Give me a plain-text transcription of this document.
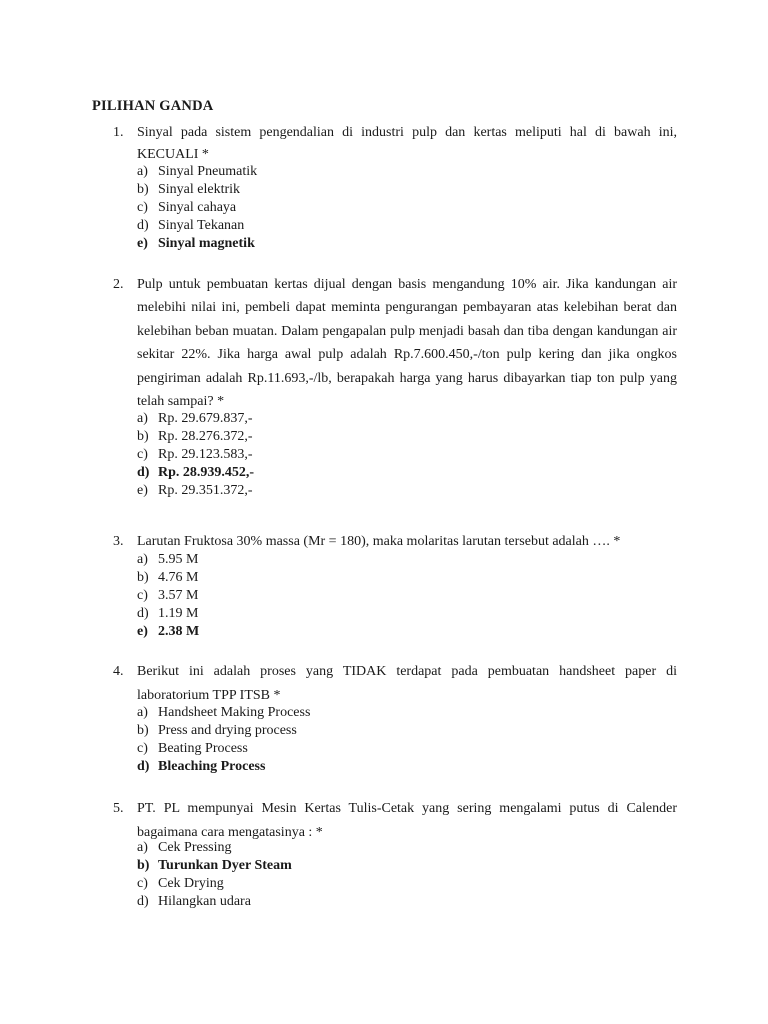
PILIHAN GANDA
1. Sinyal pada sistem pengendalian di industri pulp dan kertas meliputi hal di bawah ini, KECUALI *
a) Sinyal Pneumatik
b) Sinyal elektrik
c) Sinyal cahaya
d) Sinyal Tekanan
e) Sinyal magnetik
2. Pulp untuk pembuatan kertas dijual dengan basis mengandung 10% air. Jika kandungan air melebihi nilai ini, pembeli dapat meminta pengurangan pembayaran atas kelebihan berat dan kelebihan beban muatan. Dalam pengapalan pulp menjadi basah dan tiba dengan kandungan air sekitar 22%. Jika harga awal pulp adalah Rp.7.600.450,-/ton pulp kering dan jika ongkos pengiriman adalah Rp.11.693,-/lb, berapakah harga yang harus dibayarkan tiap ton pulp yang telah sampai? *
a) Rp. 29.679.837,-
b) Rp. 28.276.372,-
c) Rp. 29.123.583,-
d) Rp. 28.939.452,-
e) Rp. 29.351.372,-
3. Larutan Fruktosa 30% massa (Mr = 180), maka molaritas larutan tersebut adalah …. *
a) 5.95 M
b) 4.76 M
c) 3.57 M
d) 1.19 M
e) 2.38 M
4. Berikut ini adalah proses yang TIDAK terdapat pada pembuatan handsheet paper di laboratorium TPP ITSB *
a) Handsheet Making Process
b) Press and drying process
c) Beating Process
d) Bleaching Process
5. PT. PL mempunyai Mesin Kertas Tulis-Cetak yang sering mengalami putus di Calender bagaimana cara mengatasinya : *
a) Cek Pressing
b) Turunkan Dyer Steam
c) Cek Drying
d) Hilangkan udara
